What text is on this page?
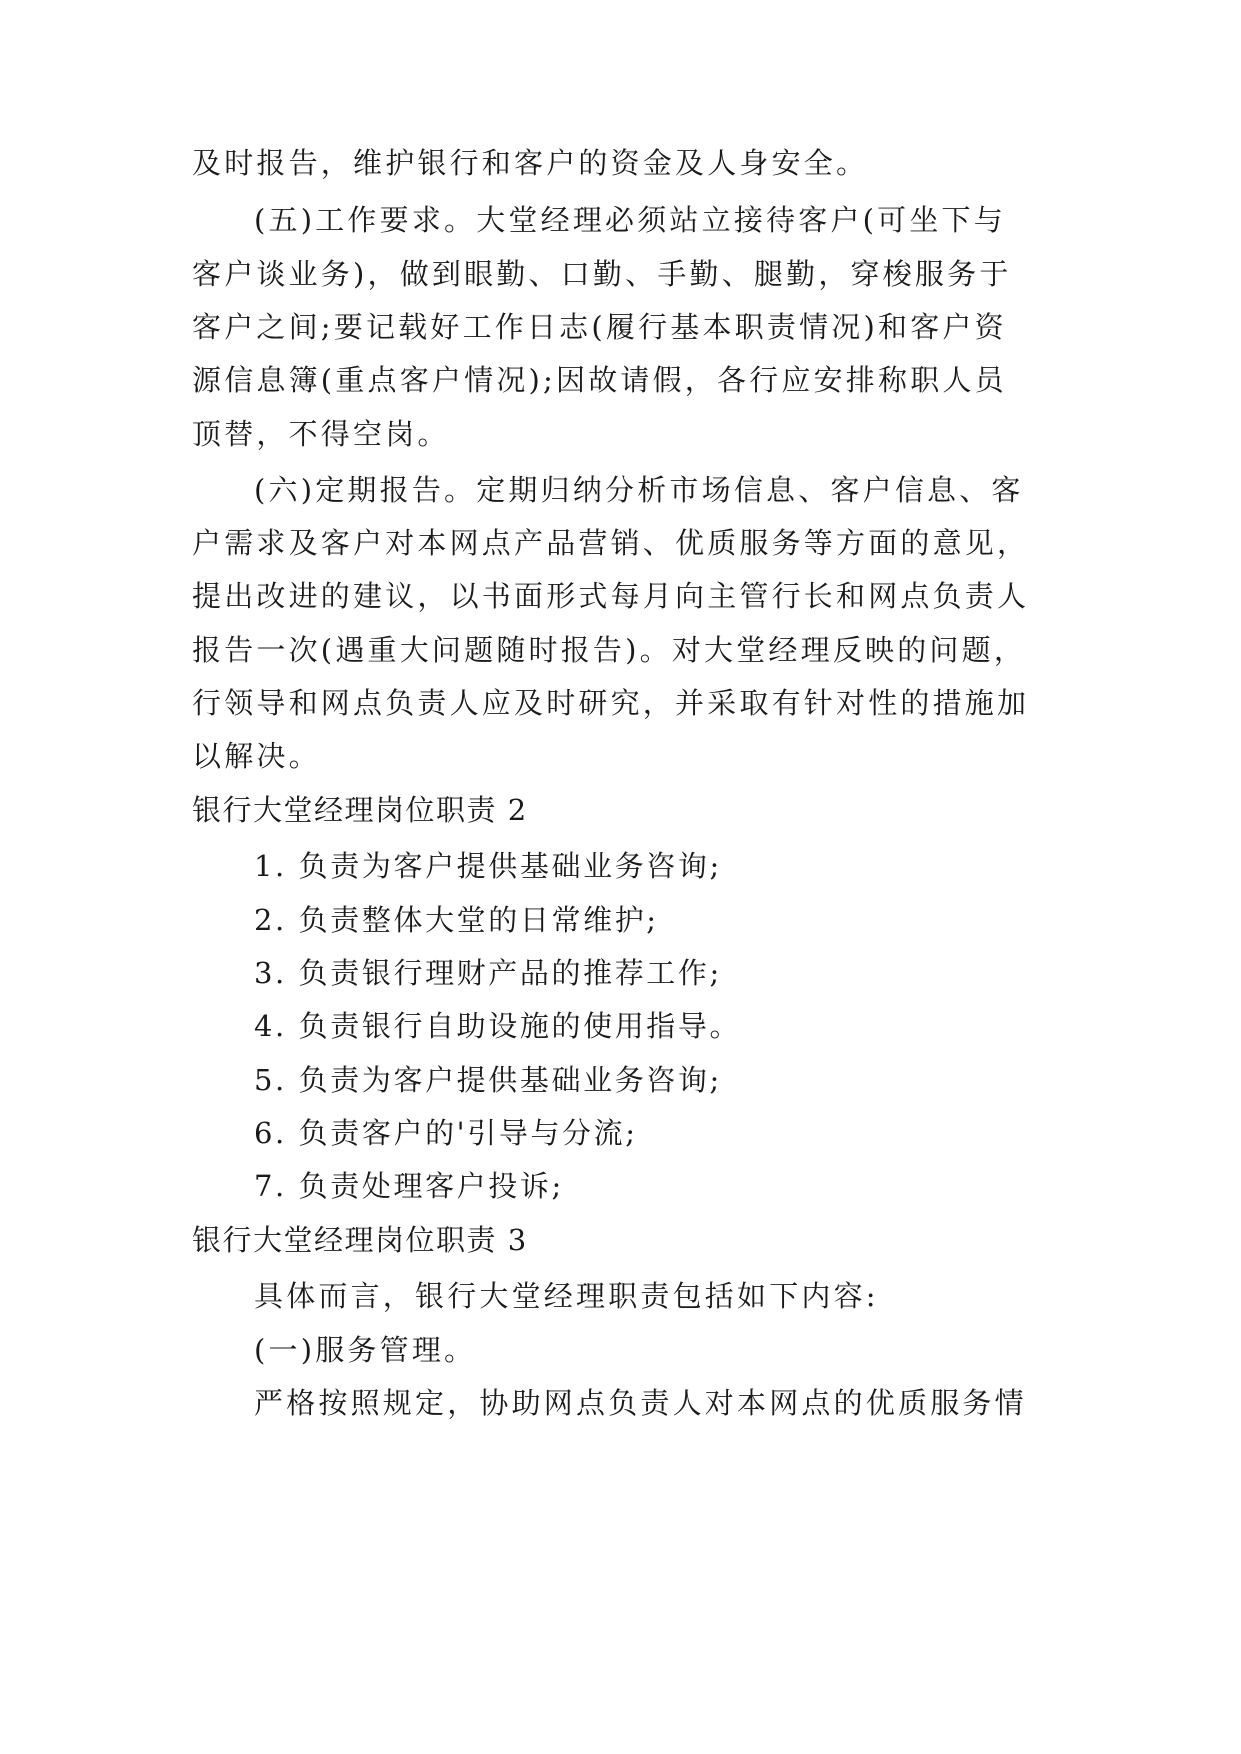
及时报告，维护银行和客户的资金及人身安全。
(五)工作要求。大堂经理必须站立接待客户(可坐下与
客户谈业务)，做到眼勤、口勤、手勤、腿勤，穿梭服务于
客户之间;要记载好工作日志(履行基本职责情况)和客户资
源信息簿(重点客户情况);因故请假，各行应安排称职人员
顶替，不得空岗。
(六)定期报告。定期归纳分析市场信息、客户信息、客
户需求及客户对本网点产品营销、优质服务等方面的意见，
提出改进的建议，以书面形式每月向主管行长和网点负责人
报告一次(遇重大问题随时报告)。对大堂经理反映的问题，
行领导和网点负责人应及时研究，并采取有针对性的措施加
以解决。
银行大堂经理岗位职责 2
1. 负责为客户提供基础业务咨询;
2. 负责整体大堂的日常维护;
3. 负责银行理财产品的推荐工作;
4. 负责银行自助设施的使用指导。
5. 负责为客户提供基础业务咨询;
6. 负责客户的'引导与分流;
7. 负责处理客户投诉;
银行大堂经理岗位职责 3
具体而言，银行大堂经理职责包括如下内容:
(一)服务管理。
严格按照规定，协助网点负责人对本网点的优质服务情
